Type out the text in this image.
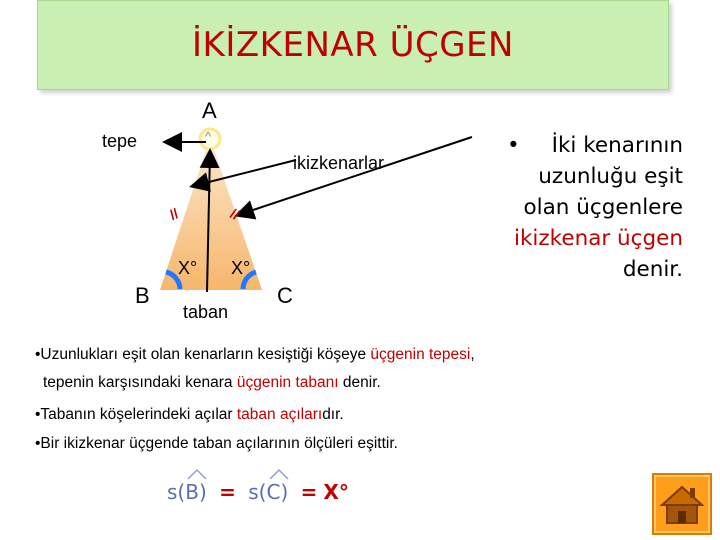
İKİZKENAR ÜÇGEN
A
^
tepe
ikizkenarlar
//	//
X° X°
B	C
taban
• İki kenarının uzunluğu eşit olan üçgenlere ikizkenar üçgen denir.

•Uzunlukları eşit olan kenarların kesiştiği köşeye üçgenin tepesi,

tepenin karşısındaki kenara üçgenin tabanı denir.

•Tabanın köşelerindeki açılar taban açılarıdır.

•Bir ikizkenar üçgende taban açılarının ölçüleri eşittir.

s(
B) = s(
C) = X°
